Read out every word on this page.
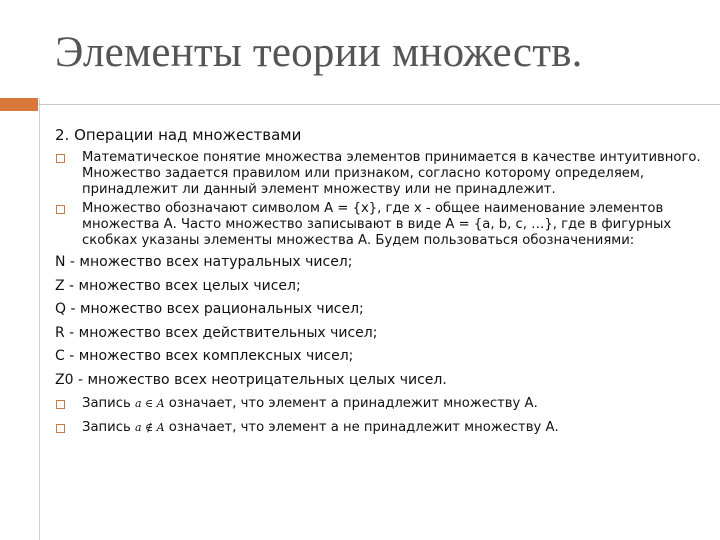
Элементы теории множеств.
2. Операции над множествами
Математическое понятие множества элементов принимается в качестве интуитивного. Множество задается правилом или признаком, согласно которому определяем, принадлежит ли данный элемент множеству или не принадлежит.
Множество обозначают символом A = {x}, где x - общее наименование элементов множества А. Часто множество записывают в виде A = {a, b, c, …}, где в фигурных скобках указаны элементы множества А. Будем пользоваться обозначениями:
N - множество всех натуральных чисел;
Z - множество всех целых чисел;
Q - множество всех рациональных чисел;
R - множество всех действительных чисел;
C - множество всех комплексных чисел;
Z0 - множество всех неотрицательных целых чисел.
Запись a ∈ A означает, что элемент а принадлежит множеству А.
Запись a ∉ A означает, что элемент а не принадлежит множеству А.
